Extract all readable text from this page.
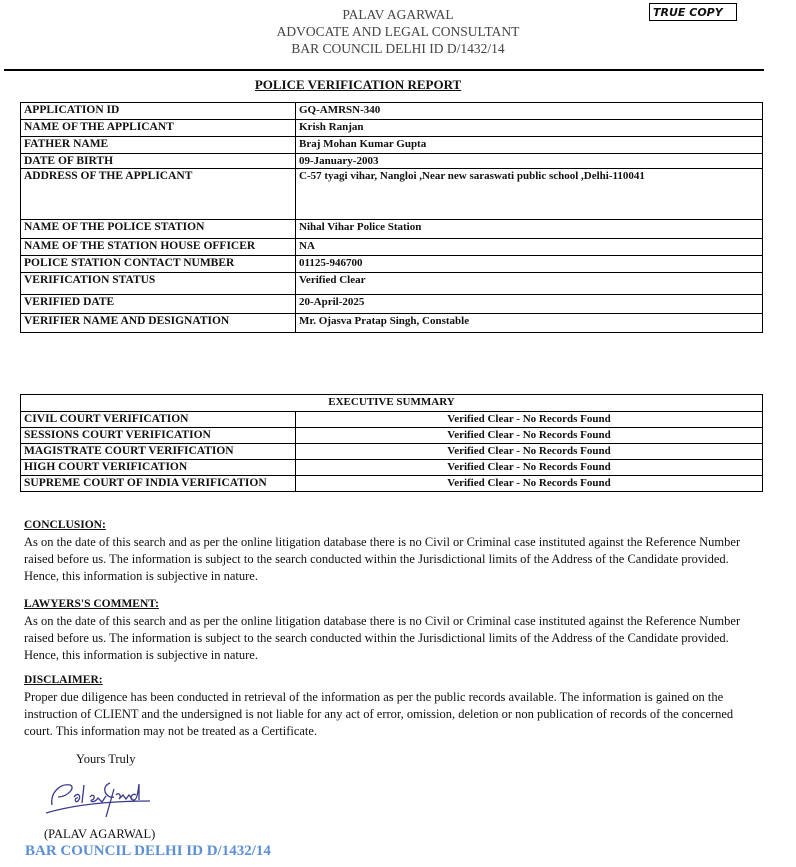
PALAV AGARWAL
ADVOCATE AND LEGAL CONSULTANT
BAR COUNCIL DELHI ID D/1432/14
TRUE COPY
POLICE VERIFICATION REPORT
APPLICATION ID	GQ-AMRSN-340
NAME OF THE APPLICANT	Krish Ranjan
FATHER NAME	Braj Mohan Kumar Gupta
DATE OF BIRTH	09-January-2003
ADDRESS OF THE APPLICANT	C-57 tyagi vihar, Nangloi ,Near new saraswati public school ,Delhi-110041
NAME OF THE POLICE STATION	Nihal Vihar Police Station
NAME OF THE STATION HOUSE OFFICER	NA
POLICE STATION CONTACT NUMBER	01125-946700
VERIFICATION STATUS	Verified Clear
VERIFIED DATE	20-April-2025
VERIFIER NAME AND DESIGNATION	Mr. Ojasva Pratap Singh, Constable
EXECUTIVE SUMMARY	
CIVIL COURT VERIFICATION	Verified Clear - No Records Found
SESSIONS COURT VERIFICATION	Verified Clear - No Records Found
MAGISTRATE COURT VERIFICATION	Verified Clear - No Records Found
HIGH COURT VERIFICATION	Verified Clear - No Records Found
SUPREME COURT OF INDIA VERIFICATION	Verified Clear - No Records Found
CONCLUSION:

As on the date of this search and as per the online litigation database there is no Civil or Criminal case instituted against the Reference Number raised before us. The information is subject to the search conducted within the Jurisdictional limits of the Address of the Candidate provided. Hence, this information is subjective in nature.

LAWYERS'S COMMENT:

As on the date of this search and as per the online litigation database there is no Civil or Criminal case instituted against the Reference Number raised before us. The information is subject to the search conducted within the Jurisdictional limits of the Address of the Candidate provided. Hence, this information is subjective in nature.

DISCLAIMER:

Proper due diligence has been conducted in retrieval of the information as per the public records available. The information is gained on the instruction of CLIENT and the undersigned is not liable for any act of error, omission, deletion or non publication of records of the concerned court. This information may not be treated as a Certificate.

Yours Truly
(PALAV AGARWAL)
BAR COUNCIL DELHI ID D/1432/14
